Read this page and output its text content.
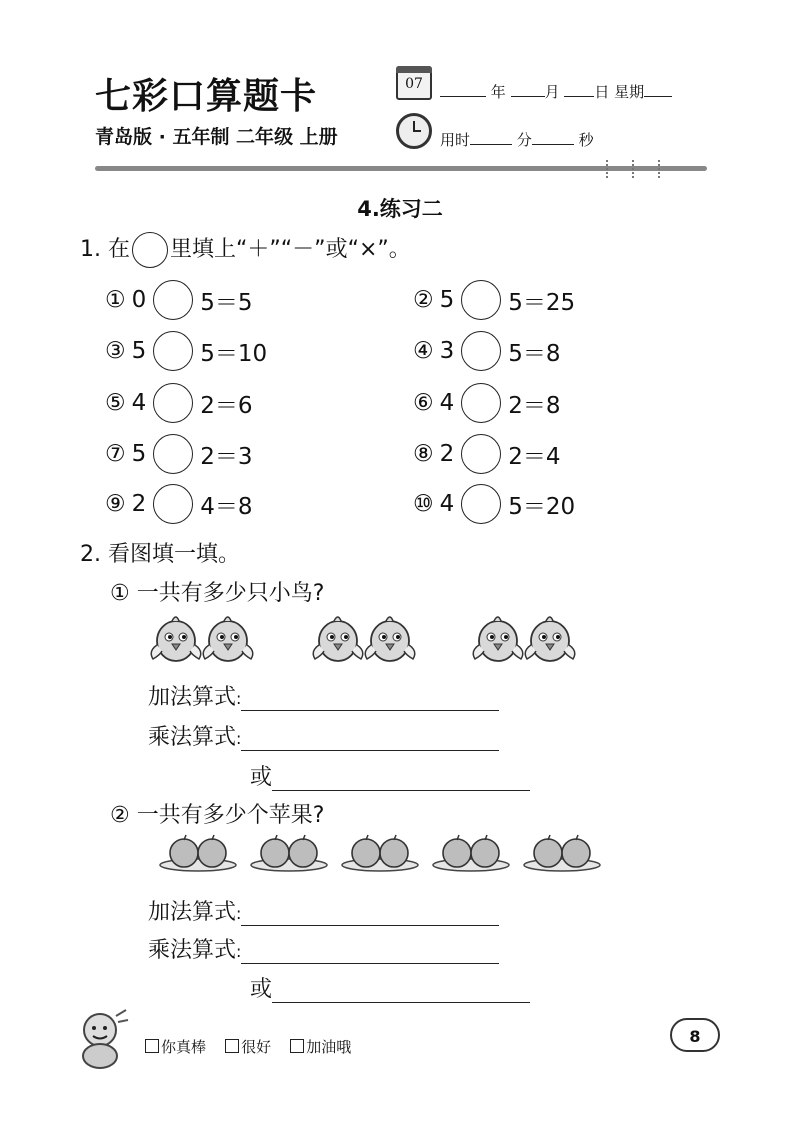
七彩口算题卡
青岛版 · 五年制 二年级 上册
07	年	月 日 星期
用时	分	秒
4.练习二
1. 在 里填上“＋”“－”或“×”。
① 0 5＝5	② 5 5＝25
③ 5 5＝10	④ 3 5＝8
⑤ 4 2＝6	⑥ 4 2＝8
⑦ 5 2＝3	⑧ 2 2＝4
⑨ 2 4＝8	⑩ 4 5＝20
2. 看图填一填。
① 一共有多少只小鸟?
加法算式:
乘法算式:
或
② 一共有多少个苹果?
加法算式:
乘法算式:
或
你真棒 很好 加油哦
8
